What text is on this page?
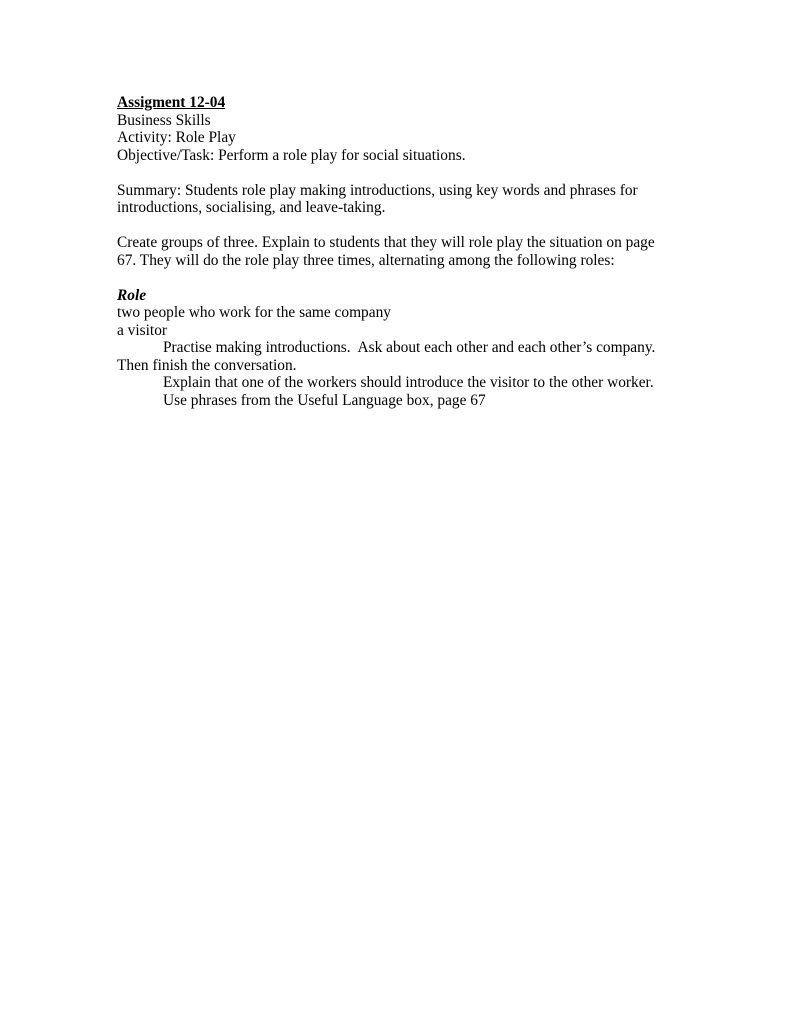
Assigment 12-04
Business Skills
Activity: Role Play
Objective/Task: Perform a role play for social situations.
Summary: Students role play making introductions, using key words and phrases for
introductions, socialising, and leave-taking.
Create groups of three. Explain to students that they will role play the situation on page
67. They will do the role play three times, alternating among the following roles:
Role
two people who work for the same company
a visitor
Practise making introductions.  Ask about each other and each other’s company.
Then finish the conversation.
Explain that one of the workers should introduce the visitor to the other worker.
Use phrases from the Useful Language box, page 67
